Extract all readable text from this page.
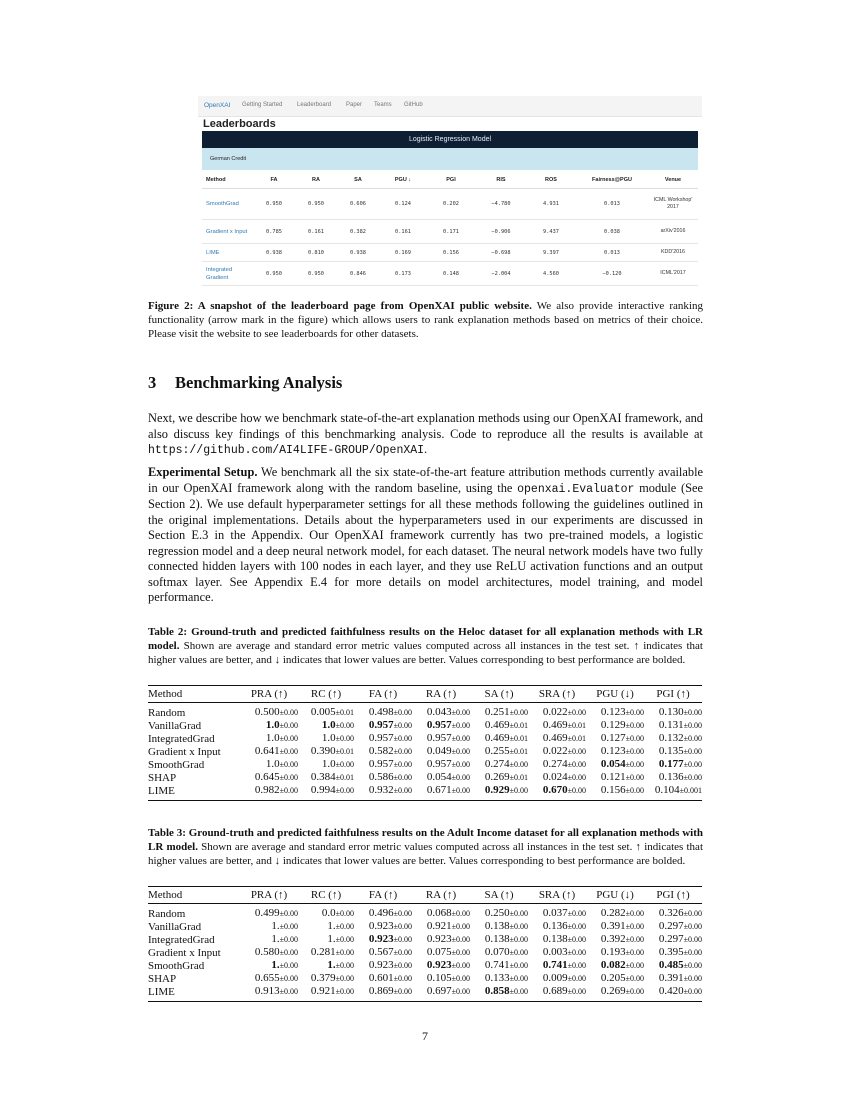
OpenXAI Getting Started Leaderboard Paper Teams GitHub
Leaderboards
Logistic Regression Model
German Credit
Method	FA	RA	SA	PGU ↓	PGI	RIS	ROS	Fairness@PGU	Venue
SmoothGrad	0.950	0.950	0.606	0.124	0.202	−4.780	4.931	0.013	ICML Workshop' 2017
Gradient x Input	0.785	0.161	0.382	0.161	0.171	−0.906	9.437	0.038	arXiv'2016
LIME	0.938	0.810	0.938	0.169	0.156	−0.698	9.397	0.013	KDD'2016
Integrated Gradient	0.950	0.950	0.846	0.173	0.148	−2.004	4.560	−0.120	ICML'2017
Figure 2: A snapshot of the leaderboard page from OpenXAI public website. We also provide interactive ranking functionality (arrow mark in the figure) which allows users to rank explanation methods based on metrics of their choice. Please visit the website to see leaderboards for other datasets.
3 Benchmarking Analysis
Next, we describe how we benchmark state-of-the-art explanation methods using our OpenXAI framework, and also discuss key findings of this benchmarking analysis. Code to reproduce all the results is available at https://github.com/AI4LIFE-GROUP/OpenXAI.
Experimental Setup. We benchmark all the six state-of-the-art feature attribution methods currently available in our OpenXAI framework along with the random baseline, using the openxai.Evaluator module (See Section 2). We use default hyperparameter settings for all these methods following the guidelines outlined in the original implementations. Details about the hyperparameters used in our experiments are discussed in Section E.3 in the Appendix. Our OpenXAI framework currently has two pre-trained models, a logistic regression model and a deep neural network model, for each dataset. The neural network models have two fully connected hidden layers with 100 nodes in each layer, and they use ReLU activation functions and an output softmax layer. See Appendix E.4 for more details on model architectures, model training, and model performance.
Table 2: Ground-truth and predicted faithfulness results on the Heloc dataset for all explanation methods with LR model. Shown are average and standard error metric values computed across all instances in the test set. ↑ indicates that higher values are better, and ↓ indicates that lower values are better. Values corresponding to best performance are bolded.
Method	PRA (↑)	RC (↑)	FA (↑)	RA (↑)	SA (↑)	SRA (↑)	PGU (↓)	PGI (↑)
Random	0.500±0.00	0.005±0.01	0.498±0.00	0.043±0.00	0.251±0.00	0.022±0.00	0.123±0.00	0.130±0.00
VanillaGrad	1.0±0.00	1.0±0.00	0.957±0.00	0.957±0.00	0.469±0.01	0.469±0.01	0.129±0.00	0.131±0.00
IntegratedGrad	1.0±0.00	1.0±0.00	0.957±0.00	0.957±0.00	0.469±0.01	0.469±0.01	0.127±0.00	0.132±0.00
Gradient x Input	0.641±0.00	0.390±0.01	0.582±0.00	0.049±0.00	0.255±0.01	0.022±0.00	0.123±0.00	0.135±0.00
SmoothGrad	1.0±0.00	1.0±0.00	0.957±0.00	0.957±0.00	0.274±0.00	0.274±0.00	0.054±0.00	0.177±0.00
SHAP	0.645±0.00	0.384±0.01	0.586±0.00	0.054±0.00	0.269±0.01	0.024±0.00	0.121±0.00	0.136±0.00
LIME	0.982±0.00	0.994±0.00	0.932±0.00	0.671±0.00	0.929±0.00	0.670±0.00	0.156±0.00	0.104±0.001
Table 3: Ground-truth and predicted faithfulness results on the Adult Income dataset for all explanation methods with LR model. Shown are average and standard error metric values computed across all instances in the test set. ↑ indicates that higher values are better, and ↓ indicates that lower values are better. Values corresponding to best performance are bolded.
Method	PRA (↑)	RC (↑)	FA (↑)	RA (↑)	SA (↑)	SRA (↑)	PGU (↓)	PGI (↑)
Random	0.499±0.00	0.0±0.00	0.496±0.00	0.068±0.00	0.250±0.00	0.037±0.00	0.282±0.00	0.326±0.00
VanillaGrad	1.±0.00	1.±0.00	0.923±0.00	0.921±0.00	0.138±0.00	0.136±0.00	0.391±0.00	0.297±0.00
IntegratedGrad	1.±0.00	1.±0.00	0.923±0.00	0.923±0.00	0.138±0.00	0.138±0.00	0.392±0.00	0.297±0.00
Gradient x Input	0.580±0.00	0.281±0.00	0.567±0.00	0.075±0.00	0.070±0.00	0.003±0.00	0.193±0.00	0.395±0.00
SmoothGrad	1.±0.00	1.±0.00	0.923±0.00	0.923±0.00	0.741±0.00	0.741±0.00	0.082±0.00	0.485±0.00
SHAP	0.655±0.00	0.379±0.00	0.601±0.00	0.105±0.00	0.133±0.00	0.009±0.00	0.205±0.00	0.391±0.00
LIME	0.913±0.00	0.921±0.00	0.869±0.00	0.697±0.00	0.858±0.00	0.689±0.00	0.269±0.00	0.420±0.00
7
